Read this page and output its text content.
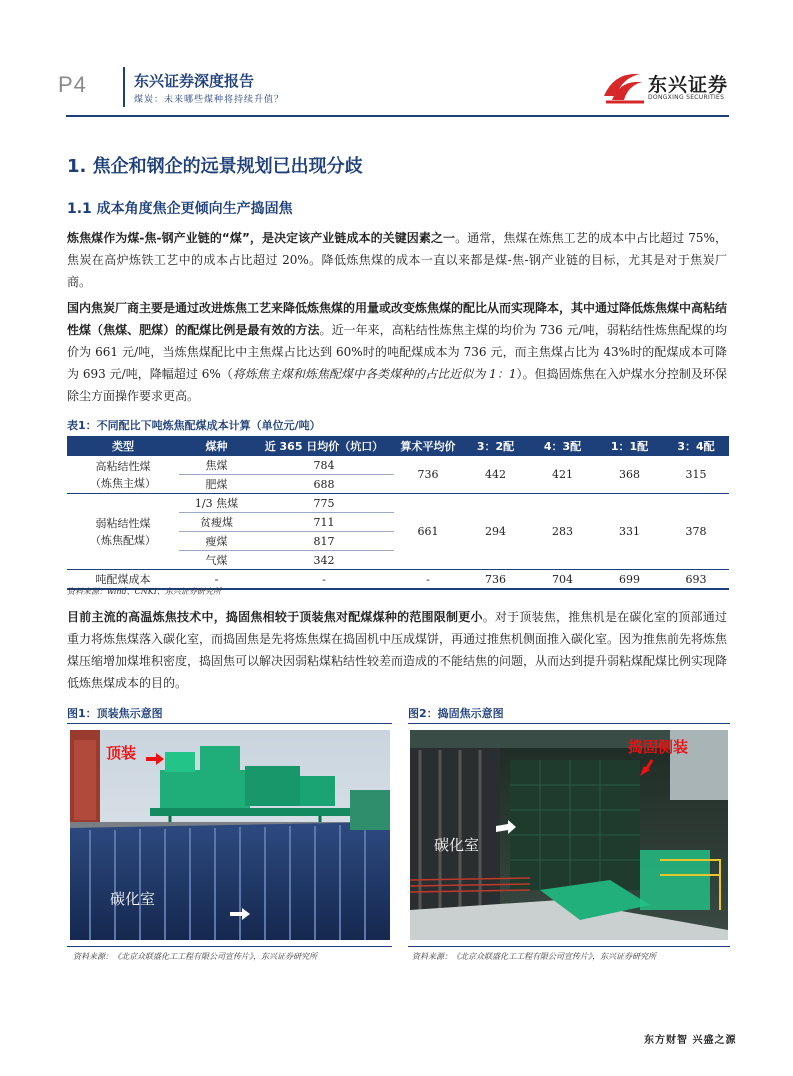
P4	东兴证券深度报告
煤炭：未来哪些煤种将持续升值？
东兴证券
DONGXING SECURITIES
1. 焦企和钢企的远景规划已出现分歧
1.1 成本角度焦企更倾向生产捣固焦

炼焦煤作为煤-焦-钢产业链的“煤”，是决定该产业链成本的关键因素之一。通常，焦煤在炼焦工艺的成本中占比超过 75%，焦炭在高炉炼铁工艺中的成本占比超过 20%。降低炼焦煤的成本一直以来都是煤-焦-钢产业链的目标，尤其是对于焦炭厂商。

国内焦炭厂商主要是通过改进炼焦工艺来降低炼焦煤的用量或改变炼焦煤的配比从而实现降本，其中通过降低炼焦煤中高粘结性煤（焦煤、肥煤）的配煤比例是最有效的方法。近一年来，高粘结性炼焦主煤的均价为 736 元/吨，弱粘结性炼焦配煤的均价为 661 元/吨，当炼焦煤配比中主焦煤占比达到 60%时的吨配煤成本为 736 元，而主焦煤占比为 43%时的配煤成本可降为 693 元/吨，降幅超过 6%（将炼焦主煤和炼焦配煤中各类煤种的占比近似为 1：1）。但捣固炼焦在入炉煤水分控制及环保除尘方面操作要求更高。

表1：不同配比下吨炼焦配煤成本计算（单位元/吨）
类型	煤种	近 365 日均价（坑口）	算术平均价	3：2配	4：3配	1：1配	3：4配
高粘结性煤
（炼焦主煤）	焦煤	784	736	442	421	368	315
	肥煤	688					
弱粘结性煤
（炼焦配煤）	1/3 焦煤	775	661	294	283	331	378
	贫瘦煤	711					
	瘦煤	817					
	气煤	342					
吨配煤成本	-	-	-	736	704	699	693
资料来源：wind、CNKI、东兴证券研究所

目前主流的高温炼焦技术中，捣固焦相较于顶装焦对配煤煤种的范围限制更小。对于顶装焦，推焦机是在碳化室的顶部通过重力将炼焦煤落入碳化室，而捣固焦是先将炼焦煤在捣固机中压成煤饼，再通过推焦机侧面推入碳化室。因为推焦前先将炼焦煤压缩增加煤堆积密度，捣固焦可以解决因弱粘煤粘结性较差而造成的不能结焦的问题，从而达到提升弱粘煤配煤比例实现降低炼焦煤成本的目的。

图1：顶装焦示意图	图2：捣固焦示意图
顶装
碳化室
资料来源：《北京众联盛化工工程有限公司宣传片》，东兴证券研究所
捣固侧装
碳化室
资料来源：《北京众联盛化工工程有限公司宣传片》，东兴证券研究所
东方财智 兴盛之源
